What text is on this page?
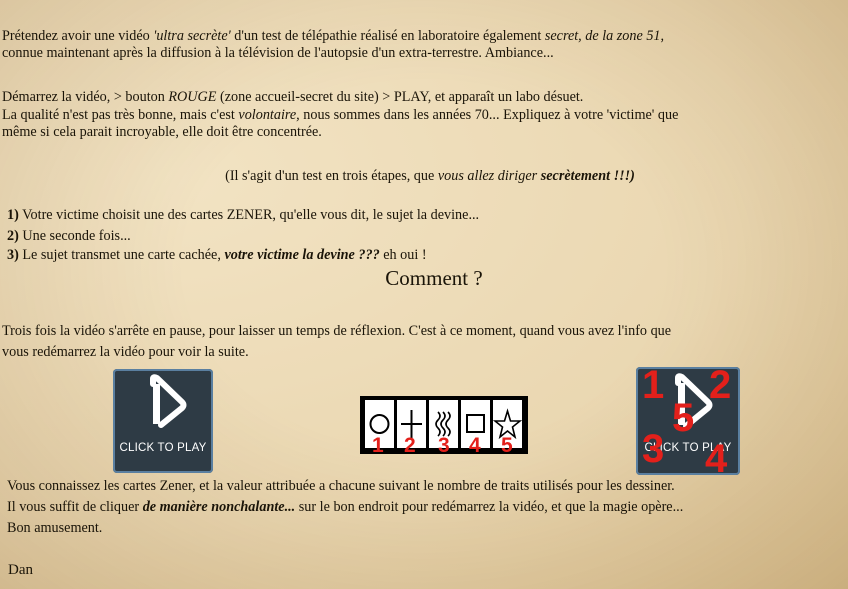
Prétendez avoir une vidéo 'ultra secrète' d'un test de télépathie réalisé en laboratoire également secret, de la zone 51,
connue maintenant après la diffusion à la télévision de l'autopsie d'un extra-terrestre. Ambiance...
Démarrez la vidéo, > bouton ROUGE (zone accueil-secret du site) > PLAY, et apparaît un labo désuet.
La qualité n'est pas très bonne, mais c'est volontaire, nous sommes dans les années 70... Expliquez à votre 'victime' que
même si cela parait incroyable, elle doit être concentrée.
(Il s'agit d'un test en trois étapes, que vous allez diriger secrètement !!!)
1) Votre victime choisit une des cartes ZENER, qu'elle vous dit, le sujet la devine...
2) Une seconde fois...
3) Le sujet transmet une carte cachée, votre victime la devine ??? eh oui !
Comment ?
Trois fois la vidéo s'arrête en pause, pour laisser un temps de réflexion. C'est à ce moment, quand vous avez l'info que
vous redémarrez la vidéo pour voir la suite.
CLICK TO PLAY	1 2 3 4 5	CLICK TO PLAY
1 2
3 4
5
Vous connaissez les cartes Zener, et la valeur attribuée a chacune suivant le nombre de traits utilisés pour les dessiner.
Il vous suffit de cliquer de manière nonchalante... sur le bon endroit pour redémarrez la vidéo, et que la magie opère...
Bon amusement.
Dan
